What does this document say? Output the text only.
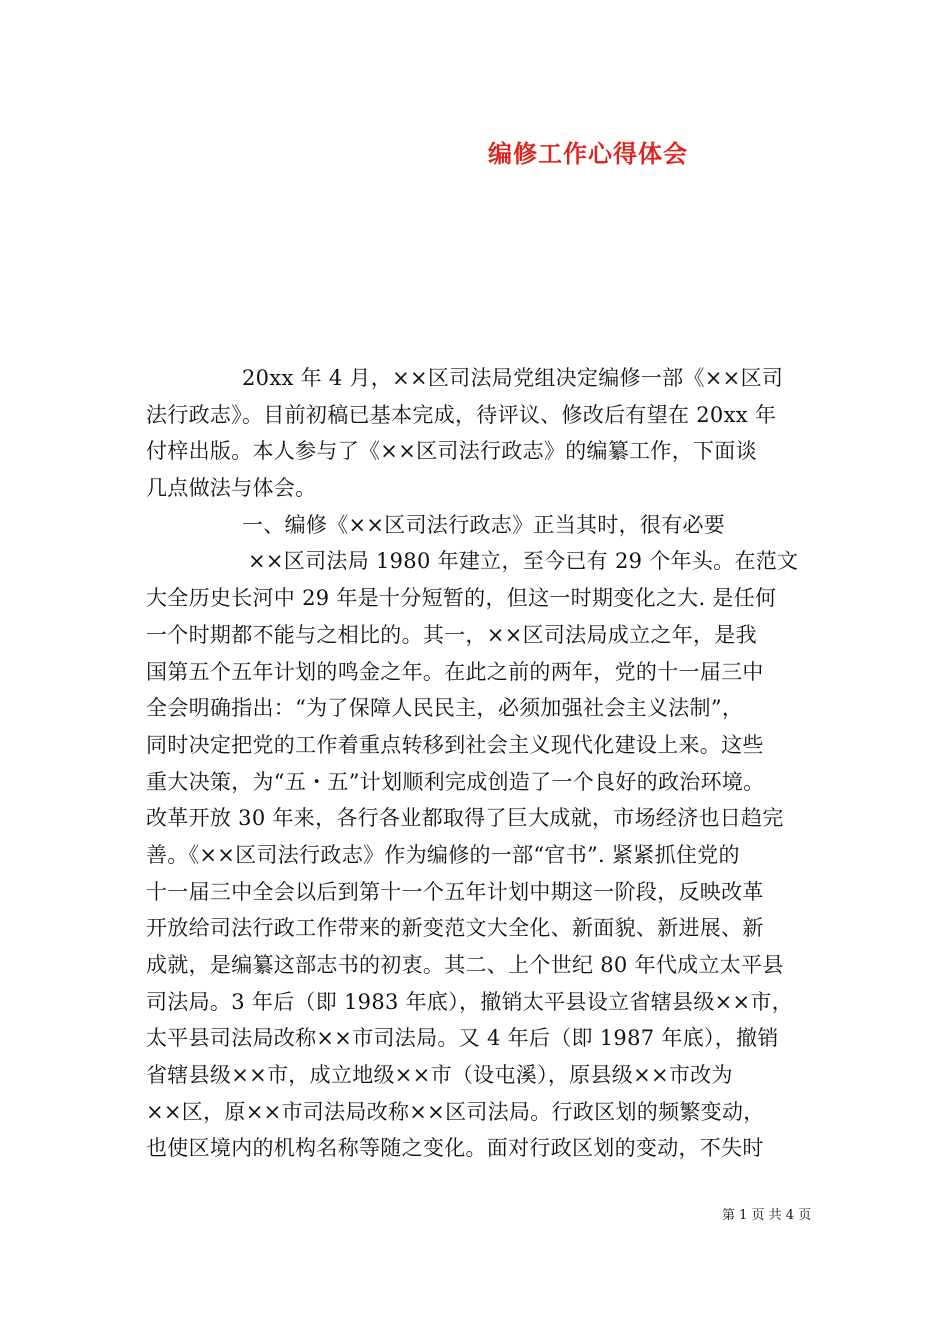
编修工作心得体会
20xx 年 4 月，××区司法局党组决定编修一部《××区司
法行政志》。目前初稿已基本完成，待评议、修改后有望在 20xx 年
付梓出版。本人参与了《××区司法行政志》的编纂工作，下面谈
几点做法与体会。
一、编修《××区司法行政志》正当其时，很有必要
××区司法局 1980 年建立，至今已有 29 个年头。在范文
大全历史长河中 29 年是十分短暂的，但这一时期变化之大. 是任何
一个时期都不能与之相比的。其一，××区司法局成立之年，是我
国第五个五年计划的鸣金之年。在此之前的两年，党的十一届三中
全会明确指出：“为了保障人民民主，必须加强社会主义法制”，
同时决定把党的工作着重点转移到社会主义现代化建设上来。这些
重大决策，为“五・五”计划顺利完成创造了一个良好的政治环境。
改革开放 30 年来，各行各业都取得了巨大成就，市场经济也日趋完
善。《××区司法行政志》作为编修的一部“官书”. 紧紧抓住党的
十一届三中全会以后到第十一个五年计划中期这一阶段，反映改革
开放给司法行政工作带来的新变范文大全化、新面貌、新进展、新
成就，是编纂这部志书的初衷。其二、上个世纪 80 年代成立太平县
司法局。3 年后（即 1983 年底），撤销太平县设立省辖县级××市，
太平县司法局改称××市司法局。又 4 年后（即 1987 年底），撤销
省辖县级××市，成立地级××市（设屯溪），原县级××市改为
××区，原××市司法局改称××区司法局。行政区划的频繁变动，
也使区境内的机构名称等随之变化。面对行政区划的变动，不失时
第 1 页 共 4 页
